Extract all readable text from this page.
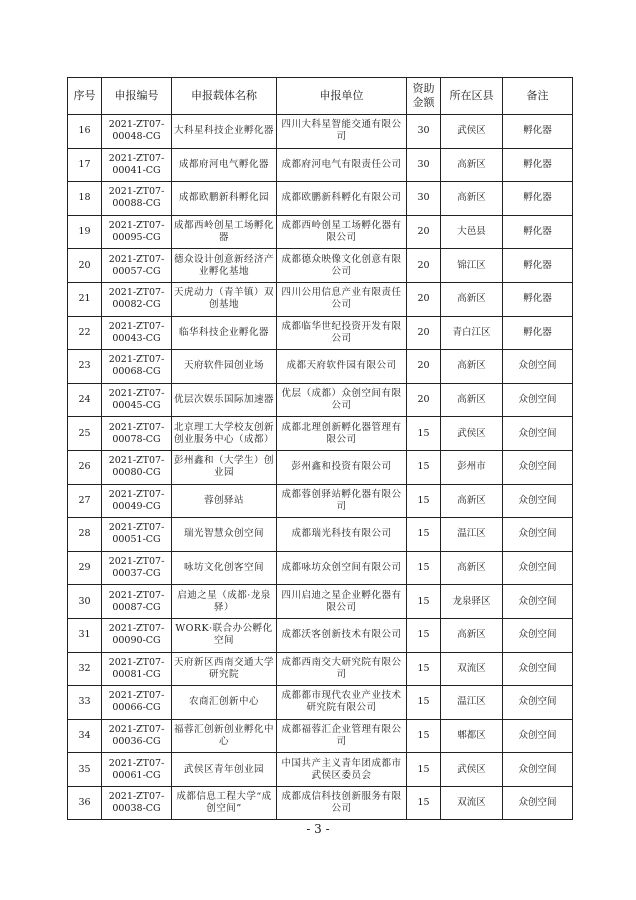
序号	申报编号	申报载体名称	申报单位	资助金额	所在区县	备注
16	2021-ZT07-00048-CG	大科星科技企业孵化器	四川大科星智能交通有限公司	30	武侯区	孵化器
17	2021-ZT07-00041-CG	成都府河电气孵化器	成都府河电气有限责任公司	30	高新区	孵化器
18	2021-ZT07-00088-CG	成都欧鹏新科孵化园	成都欧鹏新科孵化有限公司	30	高新区	孵化器
19	2021-ZT07-00095-CG	成都西岭创星工场孵化器	成都西岭创星工场孵化器有限公司	20	大邑县	孵化器
20	2021-ZT07-00057-CG	德众设计创意新经济产业孵化基地	成都德众映像文化创意有限公司	20	锦江区	孵化器
21	2021-ZT07-00082-CG	天虎动力（青羊镇）双创基地	四川公用信息产业有限责任公司	20	高新区	孵化器
22	2021-ZT07-00043-CG	临华科技企业孵化器	成都临华世纪投资开发有限公司	20	青白江区	孵化器
23	2021-ZT07-00068-CG	天府软件园创业场	成都天府软件园有限公司	20	高新区	众创空间
24	2021-ZT07-00045-CG	优层次娱乐国际加速器	优层（成都）众创空间有限公司	20	高新区	众创空间
25	2021-ZT07-00078-CG	北京理工大学校友创新创业服务中心（成都）	成都北理创新孵化器管理有限公司	15	武侯区	众创空间
26	2021-ZT07-00080-CG	彭州鑫和（大学生）创业园	彭州鑫和投资有限公司	15	彭州市	众创空间
27	2021-ZT07-00049-CG	蓉创驿站	成都蓉创驿站孵化器有限公司	15	高新区	众创空间
28	2021-ZT07-00051-CG	瑞光智慧众创空间	成都瑞光科技有限公司	15	温江区	众创空间
29	2021-ZT07-00037-CG	咏坊文化创客空间	成都咏坊众创空间有限公司	15	高新区	众创空间
30	2021-ZT07-00087-CG	启迪之星（成都·龙泉驿）	四川启迪之星企业孵化器有限公司	15	龙泉驿区	众创空间
31	2021-ZT07-00090-CG	WORK·联合办公孵化空间	成都沃客创新技术有限公司	15	高新区	众创空间
32	2021-ZT07-00081-CG	天府新区西南交通大学研究院	成都西南交大研究院有限公司	15	双流区	众创空间
33	2021-ZT07-00066-CG	农商汇创新中心	成都都市现代农业产业技术研究院有限公司	15	温江区	众创空间
34	2021-ZT07-00036-CG	福蓉汇创新创业孵化中心	成都福蓉汇企业管理有限公司	15	郫都区	众创空间
35	2021-ZT07-00061-CG	武侯区青年创业园	中国共产主义青年团成都市武侯区委员会	15	武侯区	众创空间
36	2021-ZT07-00038-CG	成都信息工程大学“成创空间”	成都成信科技创新服务有限公司	15	双流区	众创空间
- 3 -
